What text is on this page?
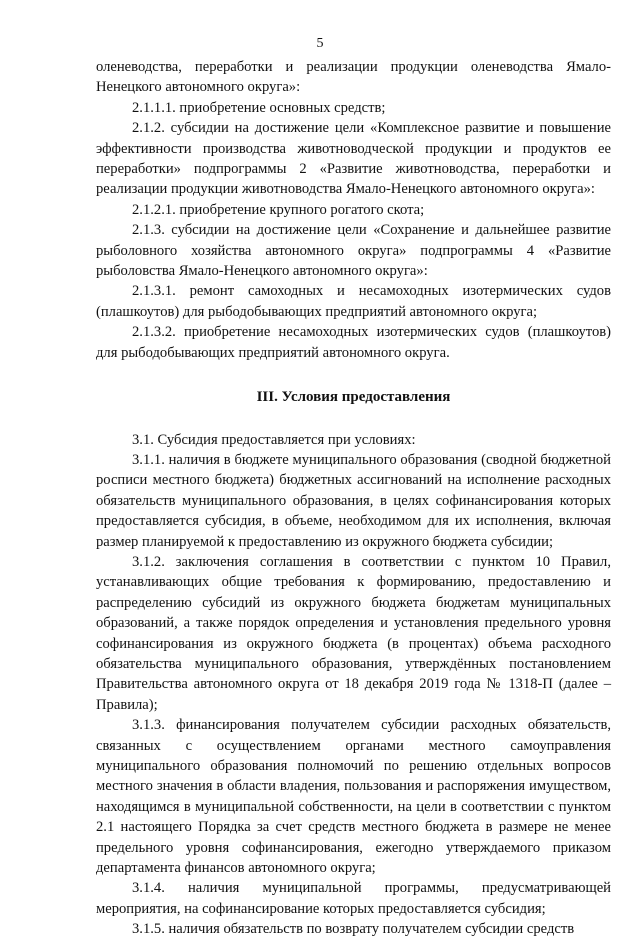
5

оленеводства, переработки и реализации продукции оленеводства Ямало-Ненецкого автономного округа»:

2.1.1.1. приобретение основных средств;

2.1.2. субсидии на достижение цели «Комплексное развитие и повышение эффективности производства животноводческой продукции и продуктов ее переработки» подпрограммы 2 «Развитие животноводства, переработки и реализации продукции животноводства Ямало-Ненецкого автономного округа»:

2.1.2.1. приобретение крупного рогатого скота;

2.1.3. субсидии на достижение цели «Сохранение и дальнейшее развитие рыболовного хозяйства автономного округа» подпрограммы 4 «Развитие рыболовства Ямало-Ненецкого автономного округа»:

2.1.3.1. ремонт самоходных и несамоходных изотермических судов (плашкоутов) для рыбодобывающих предприятий автономного округа;

2.1.3.2. приобретение несамоходных изотермических судов (плашкоутов) для рыбодобывающих предприятий автономного округа.

III. Условия предоставления

3.1. Субсидия предоставляется при условиях:

3.1.1. наличия в бюджете муниципального образования (сводной бюджетной росписи местного бюджета) бюджетных ассигнований на исполнение расходных обязательств муниципального образования, в целях софинансирования которых предоставляется субсидия, в объеме, необходимом для их исполнения, включая размер планируемой к предоставлению из окружного бюджета субсидии;

3.1.2. заключения соглашения в соответствии с пунктом 10 Правил, устанавливающих общие требования к формированию, предоставлению и распределению субсидий из окружного бюджета бюджетам муниципальных образований, а также порядок определения и установления предельного уровня софинансирования из окружного бюджета (в процентах) объема расходного обязательства муниципального образования, утверждённых постановлением Правительства автономного округа от 18 декабря 2019 года № 1318-П (далее – Правила);

3.1.3. финансирования получателем субсидии расходных обязательств, связанных с осуществлением органами местного самоуправления муниципального образования полномочий по решению отдельных вопросов местного значения в области владения, пользования и распоряжения имуществом, находящимся в муниципальной собственности, на цели в соответствии с пунктом 2.1 настоящего Порядка за счет средств местного бюджета в размере не менее предельного уровня софинансирования, ежегодно утверждаемого приказом департамента финансов автономного округа;

3.1.4. наличия муниципальной программы, предусматривающей мероприятия, на софинансирование которых предоставляется субсидия;

3.1.5. наличия обязательств по возврату получателем субсидии средств
